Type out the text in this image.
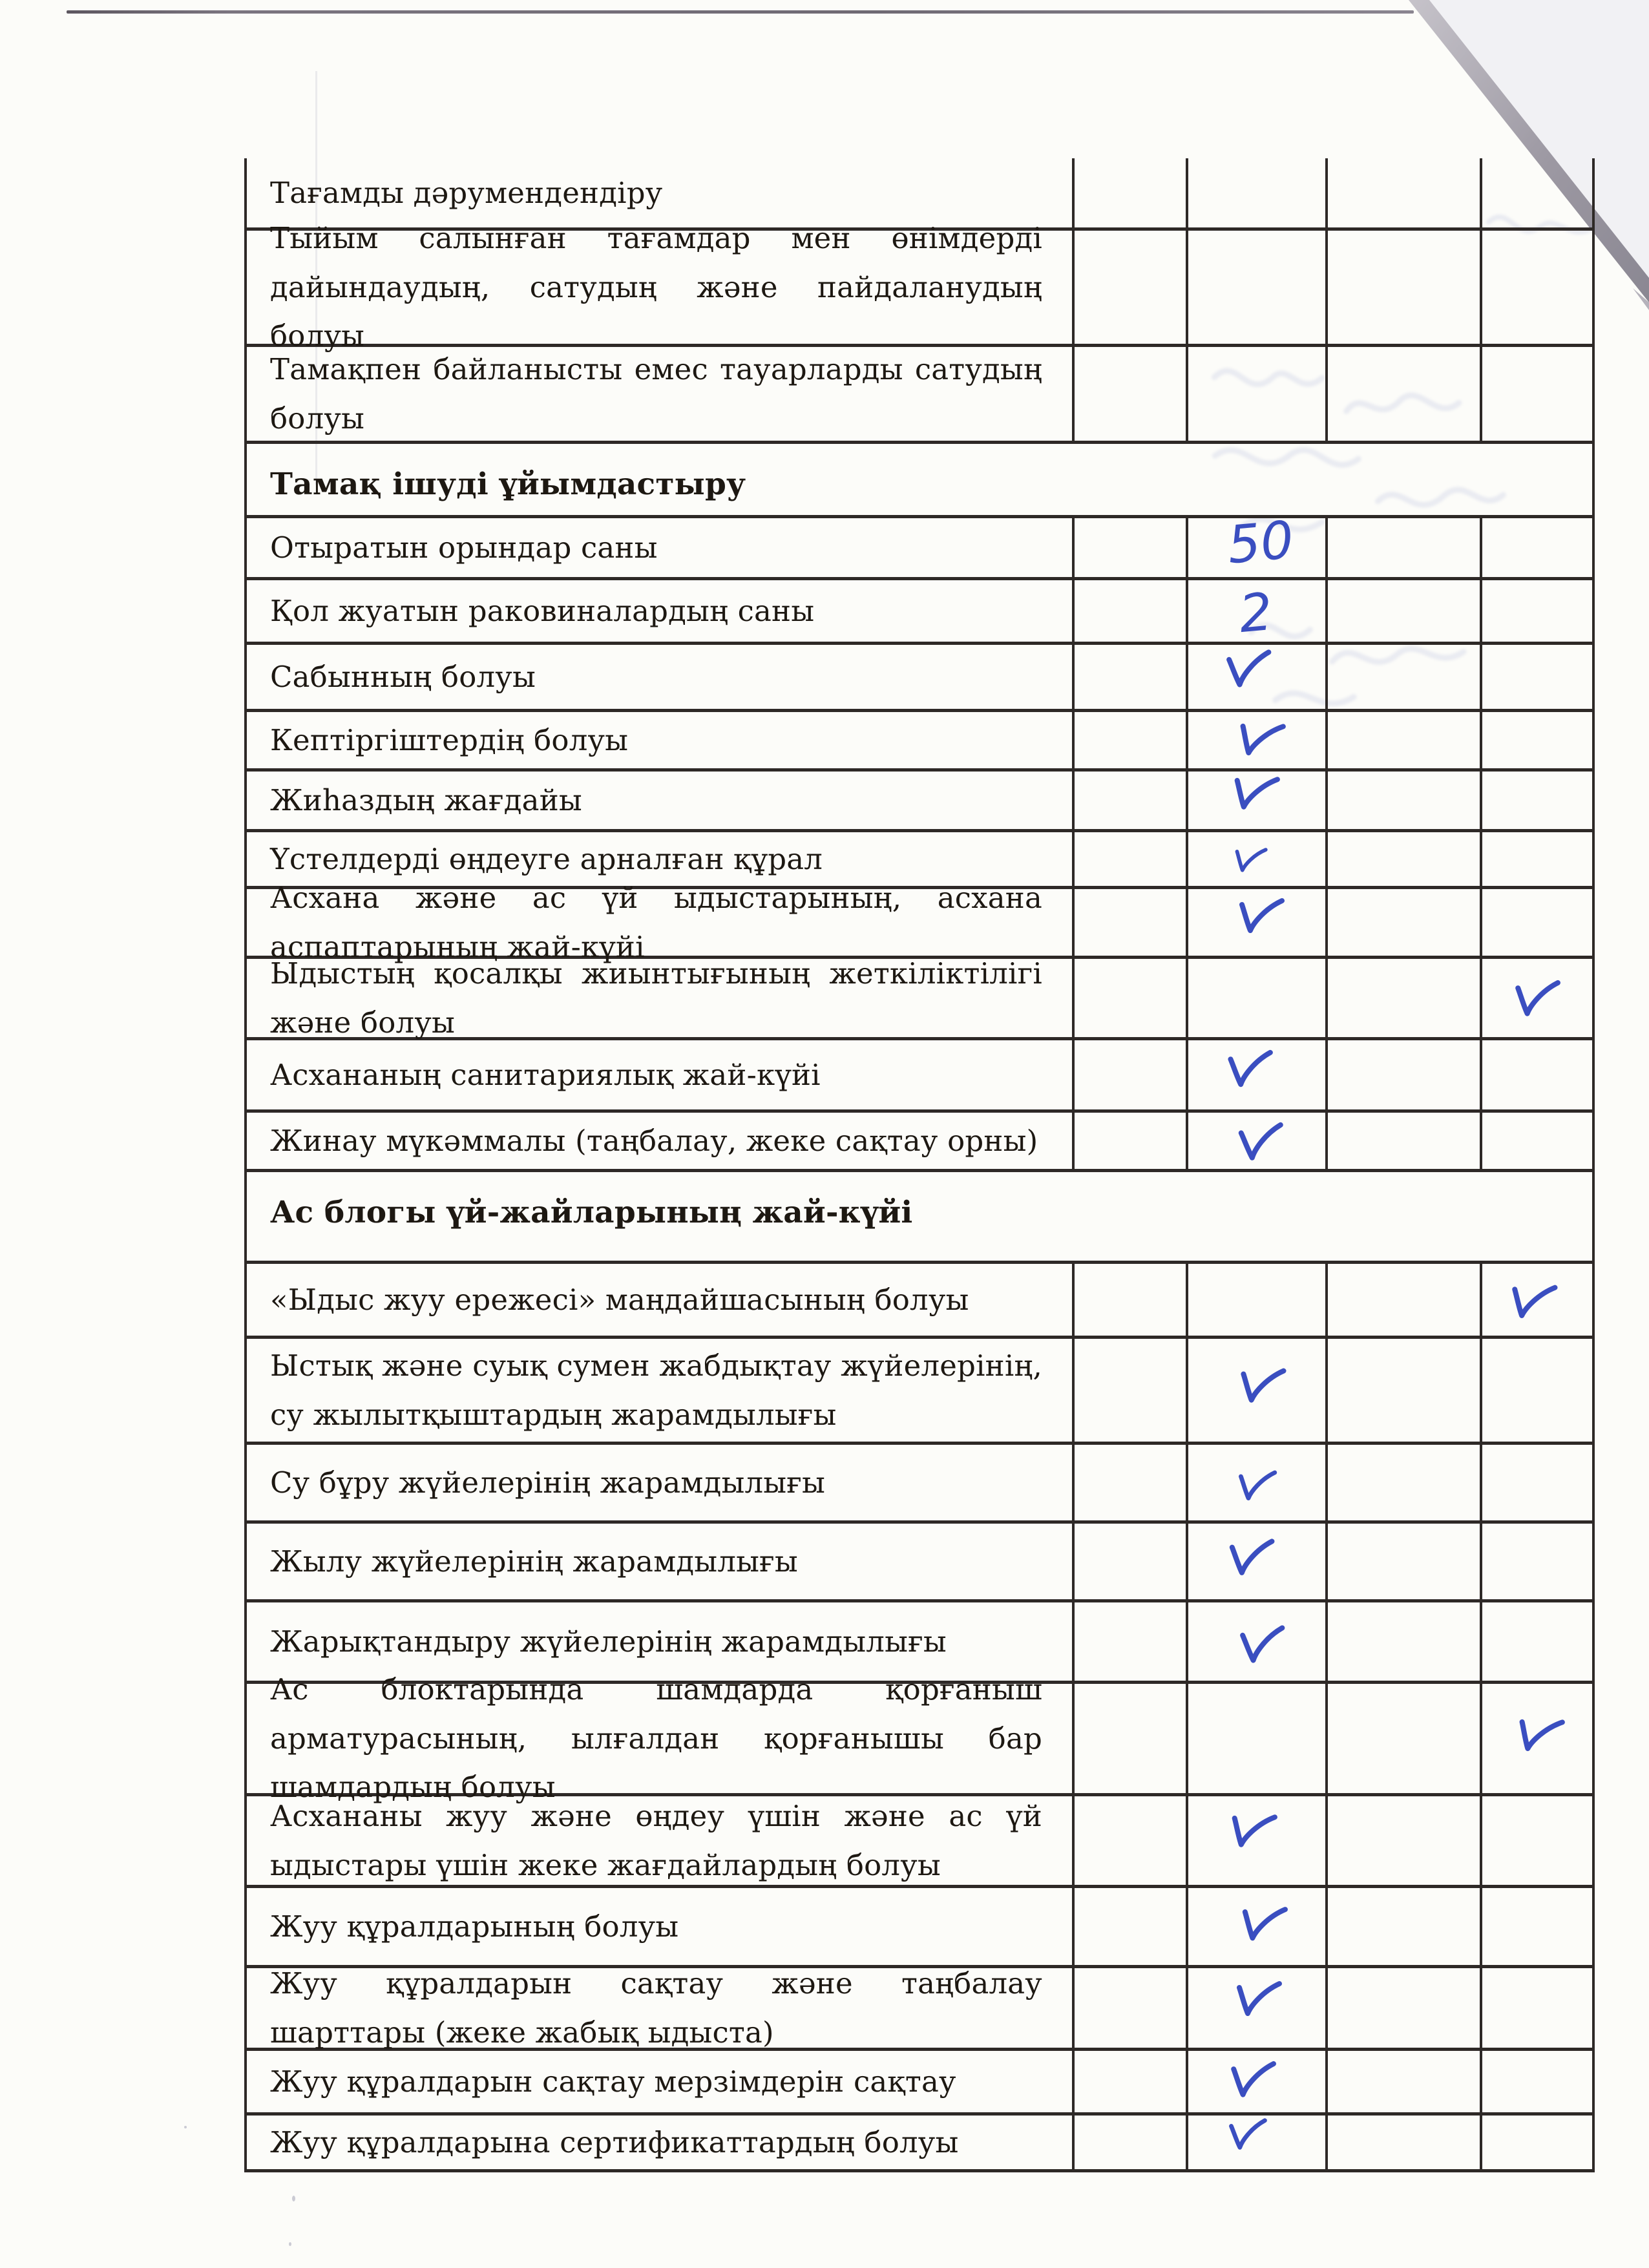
Тағамды дәрумендендіру
Тыйым салынған тағамдар мен өнімдерді дайындаудың, сатудың және пайдаланудың болуы
Тамақпен байланысты емес тауарларды сатудың болуы
Тамақ ішуді ұйымдастыру
Отыратын орындар саны	50
Қол жуатын раковиналардың саны	2
Сабынның болуы
Кептіргіштердің болуы
Жиһаздың жағдайы
Үстелдерді өңдеуге арналған құрал
Асхана және ас үй ыдыстарының, асхана аспаптарының жай-күйі
Ыдыстың қосалқы жиынтығының жеткіліктілігі және болуы
Асхананың санитариялық жай-күйі
Жинау мүкәммалы (таңбалау, жеке сақтау орны)
Ас блогы үй-жайларының жай-күйі
«Ыдыс жуу ережесі» маңдайшасының болуы
Ыстық және суық сумен жабдықтау жүйелерінің, су жылытқыштардың жарамдылығы
Су бұру жүйелерінің жарамдылығы
Жылу жүйелерінің жарамдылығы
Жарықтандыру жүйелерінің жарамдылығы
Ас блоктарында шамдарда қорғаныш арматурасының, ылғалдан қорғанышы бар шамдардың болуы
Асхананы жуу және өңдеу үшін және ас үй ыдыстары үшін жеке жағдайлардың болуы
Жуу құралдарының болуы
Жуу құралдарын сақтау және таңбалау шарттары (жеке жабық ыдыста)
Жуу құралдарын сақтау мерзімдерін сақтау
Жуу құралдарына сертификаттардың болуы
